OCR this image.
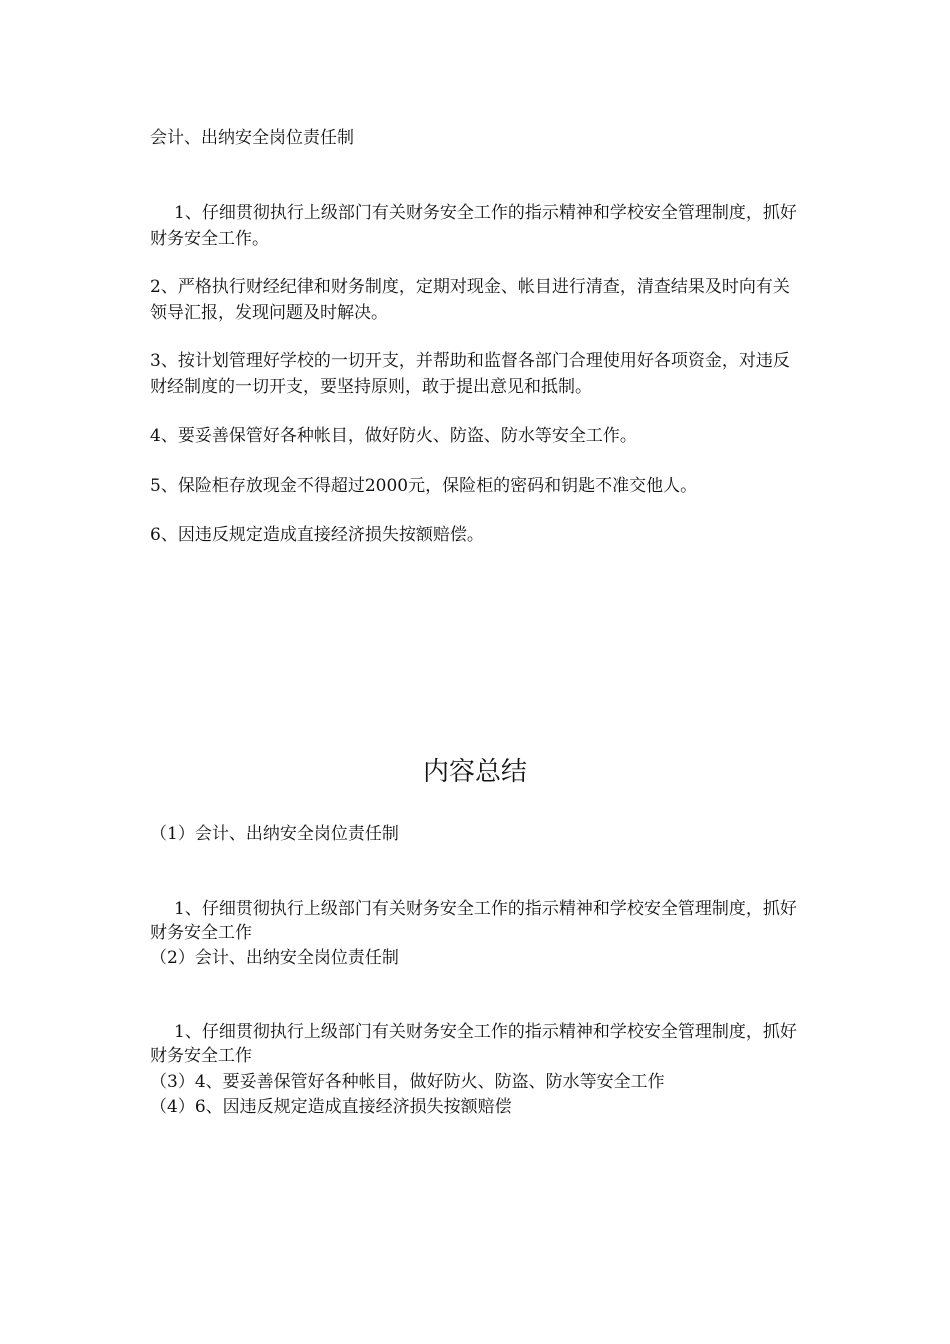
会计、出纳安全岗位责任制
1、仔细贯彻执行上级部门有关财务安全工作的指示精神和学校安全管理制度，抓好财务安全工作。
2、严格执行财经纪律和财务制度，定期对现金、帐目进行清查，清查结果及时向有关领导汇报，发现问题及时解决。
3、按计划管理好学校的一切开支，并帮助和监督各部门合理使用好各项资金，对违反财经制度的一切开支，要坚持原则，敢于提出意见和抵制。
4、要妥善保管好各种帐目，做好防火、防盗、防水等安全工作。
5、保险柜存放现金不得超过2000元，保险柜的密码和钥匙不准交他人。
6、因违反规定造成直接经济损失按额赔偿。
内容总结
（1）会计、出纳安全岗位责任制
1、仔细贯彻执行上级部门有关财务安全工作的指示精神和学校安全管理制度，抓好财务安全工作
（2）会计、出纳安全岗位责任制
1、仔细贯彻执行上级部门有关财务安全工作的指示精神和学校安全管理制度，抓好财务安全工作
（3）4、要妥善保管好各种帐目，做好防火、防盗、防水等安全工作
（4）6、因违反规定造成直接经济损失按额赔偿
